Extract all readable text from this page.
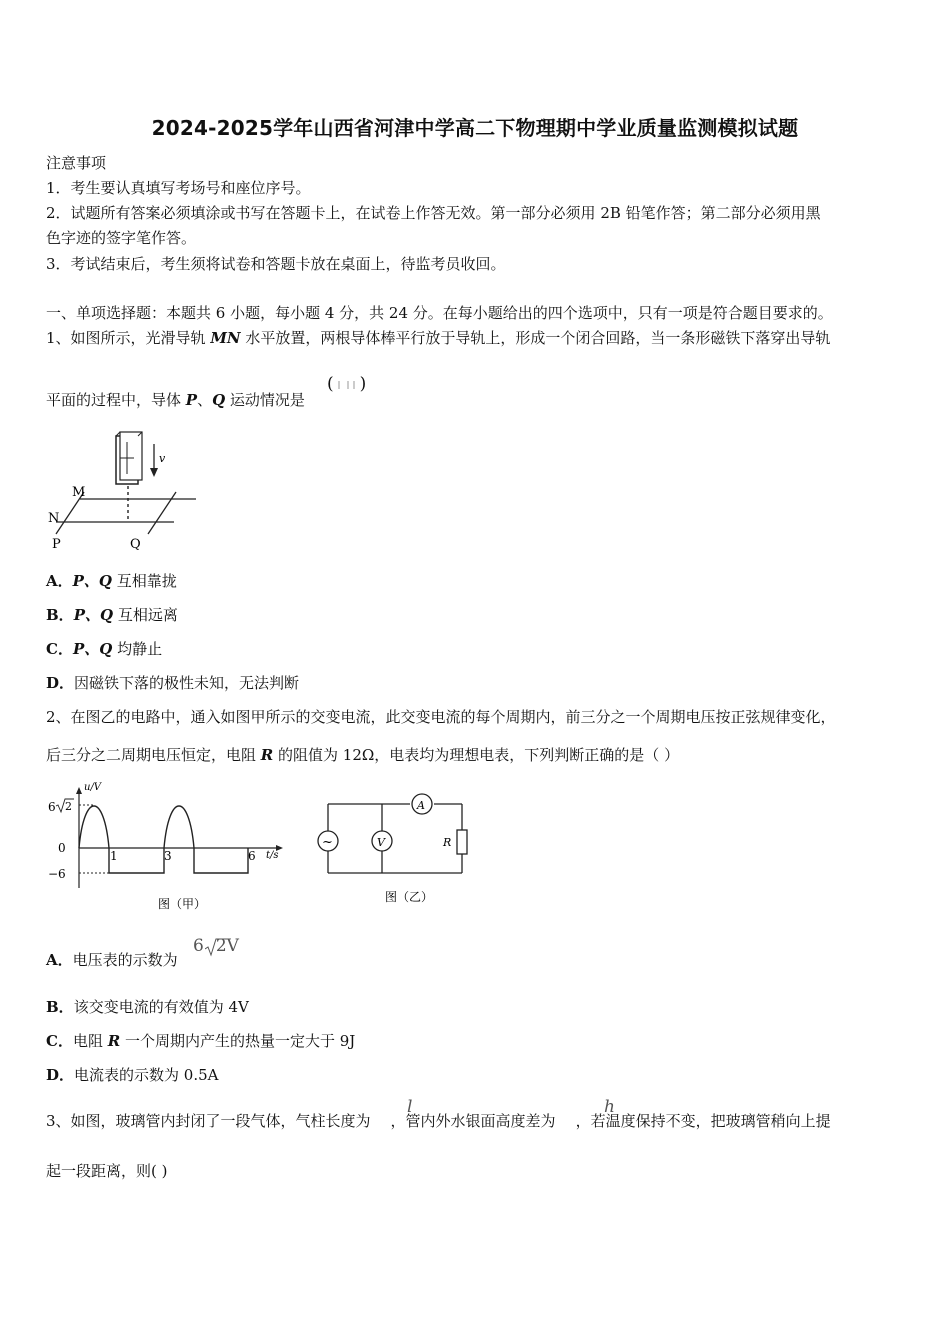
2024-2025学年山西省河津中学高二下物理期中学业质量监测模拟试题
注意事项
1．考生要认真填写考场号和座位序号。
2．试题所有答案必须填涂或书写在答题卡上，在试卷上作答无效。第一部分必须用 2B 铅笔作答；第二部分必须用黑
色字迹的签字笔作答。
3．考试结束后，考生须将试卷和答题卡放在桌面上，待监考员收回。
一、单项选择题：本题共 6 小题，每小题 4 分，共 24 分。在每小题给出的四个选项中，只有一项是符合题目要求的。
1、如图所示，光滑导轨 MN 水平放置，两根导体棒平行放于导轨上，形成一个闭合回路，当一条形磁铁下落穿出导轨
平面的过程中，导体 P、Q 运动情况是
( )
v
M
N
P	Q
A．P、Q 互相靠拢
B．P、Q 互相远离
C．P、Q 均静止
D．因磁铁下落的极性未知，无法判断
2、在图乙的电路中，通入如图甲所示的交变电流，此交变电流的每个周期内，前三分之一个周期电压按正弦规律变化，
后三分之二周期电压恒定，电阻 R 的阻值为 12Ω，电表均为理想电表，下列判断正确的是（ ）
u/V
t/s
6 2
0
−6
1	3	6
图（甲）
~	V
A
R
图（乙）
A．电压表的示数为
6 2V
B．该交变电流的有效值为 4V
C．电阻 R 一个周期内产生的热量一定大于 9J
D．电流表的示数为 0.5A
3、如图，玻璃管内封闭了一段气体，气柱长度为 ，管内外水银面高度差为 ，若温度保持不变，把玻璃管稍向上提
l	h
起一段距离，则( )
